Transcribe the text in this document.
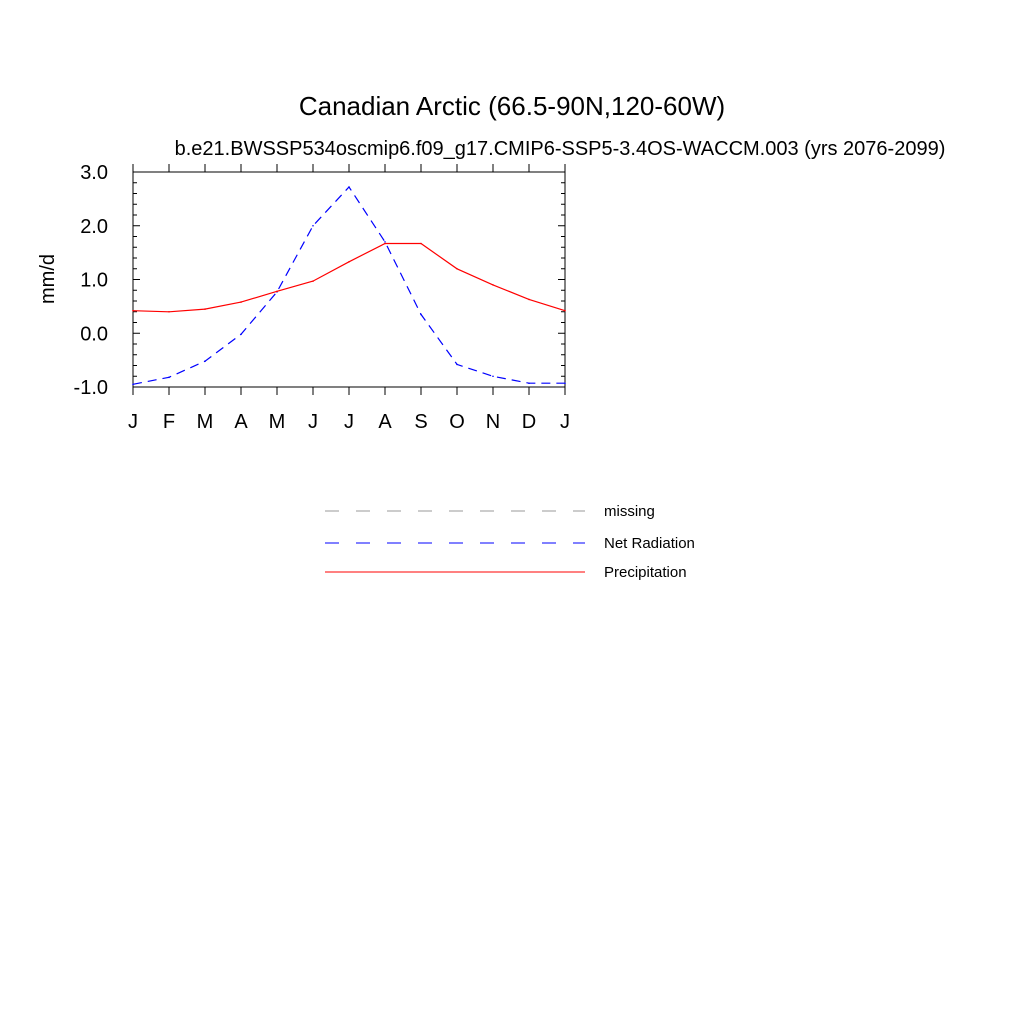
Canadian Arctic (66.5-90N,120-60W)
b.e21.BWSSP534oscmip6.f09_g17.CMIP6-SSP5-3.4OS-WACCM.003 (yrs 2076-2099)
mm/d
-1.0
0.0
1.0
2.0
3.0
J F M A M J J A S O N D J
missing
Net Radiation
Precipitation
